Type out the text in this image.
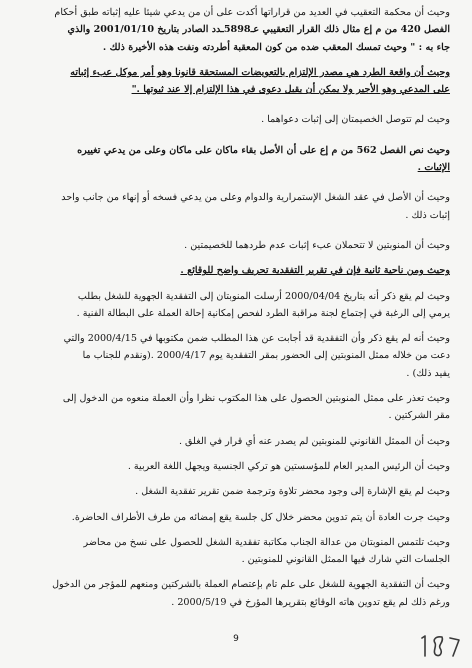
وحيث أن محكمة التعقيب في العديد من قراراتها أكدت على أن من يدعي شيئا عليه إثباته طبق أحكام
الفصل 420 من م إع مثال ذلك القرار التعقيبي عـ5898ـدد الصادر بتاريخ 2001/01/10 والذي
جاء به : " وحيث تمسك المعقب ضده من كون المعقبة أطردته ونفت هذه الأخيرة ذلك .

وحيث أن واقعة الطرد هي مصدر الإلتزام بالتعويضات المستحقة قانونا وهو أمر موكل عبء إثباته
على المدعي وهو الأجير ولا يمكن أن يقبل دعوى في هذا الإلتزام إلا عند ثبوتها ."

وحيث لم تتوصل الخصيمتان إلى إثبات دعواهما .

وحيث نص الفصل 562 من م إع على أن الأصل بقاء ماكان على ماكان وعلى من يدعي تغييره
الإثبات .

وحيث أن الأصل في عقد الشغل الإستمرارية والدوام وعلى من يدعي فسخه أو إنهاء من جانب واحد
إثبات ذلك .

وحيث أن المنوبتين لا تتحملان عبء إثبات عدم طردهما للخصيمتين .

وحيث ومن ناحية ثانية فإن في تقرير التفقدية تحريف واضح للوقائع .

وحيث لم يقع ذكر أنه بتاريخ 2000/04/04 أرسلت المنوبتان إلى التفقدية الجهوية للشغل بطلب
يرمي إلى الرغبة في إجتماع لجنة مراقبة الطرد لفحص إمكانية إحالة العملة على البطالة الفنية .

وحيث أنه لم يقع ذكر وأن التفقدية قد أجابت عن هذا المطلب ضمن مكتوبها في 2000/4/15 والتي
دعت من خلاله ممثل المنوبتين إلى الحضور بمقر التفقدية يوم 2000/4/17 .(ونقدم للجناب ما
يفيد ذلك) .

وحيث تعذر على ممثل المنوبتين الحصول على هذا المكتوب نظرا وأن العملة منعوه من الدخول إلى
مقر الشركتين .

وحيث أن الممثل القانوني للمنوبتين لم يصدر عنه أي قرار في الغلق .

وحيث أن الرئيس المدير العام للمؤسستين هو تركي الجنسية ويجهل اللغة العربية .

وحيث لم يقع الإشارة إلى وجود محضر تلاوة وترجمة ضمن تقرير تفقدية الشغل .

وحيث جرت العادة أن يتم تدوين محضر خلال كل جلسة يقع إمضائه من طرف الأطراف الحاضرة.

وحيث تلتمس المنوبتان من عدالة الجناب مكاتبة تفقدية الشغل للحصول على نسخ من محاضر
الجلسات التي شارك فيها الممثل القانوني للمنوبتين .

وحيث أن التفقدية الجهوية للشغل على علم تام بإعتصام العملة بالشركتين ومنعهم للمؤجر من الدخول
ورغم ذلك لم يقع تدوين هاته الوقائع بتقريرها المؤرخ في 2000/5/19 .

9
